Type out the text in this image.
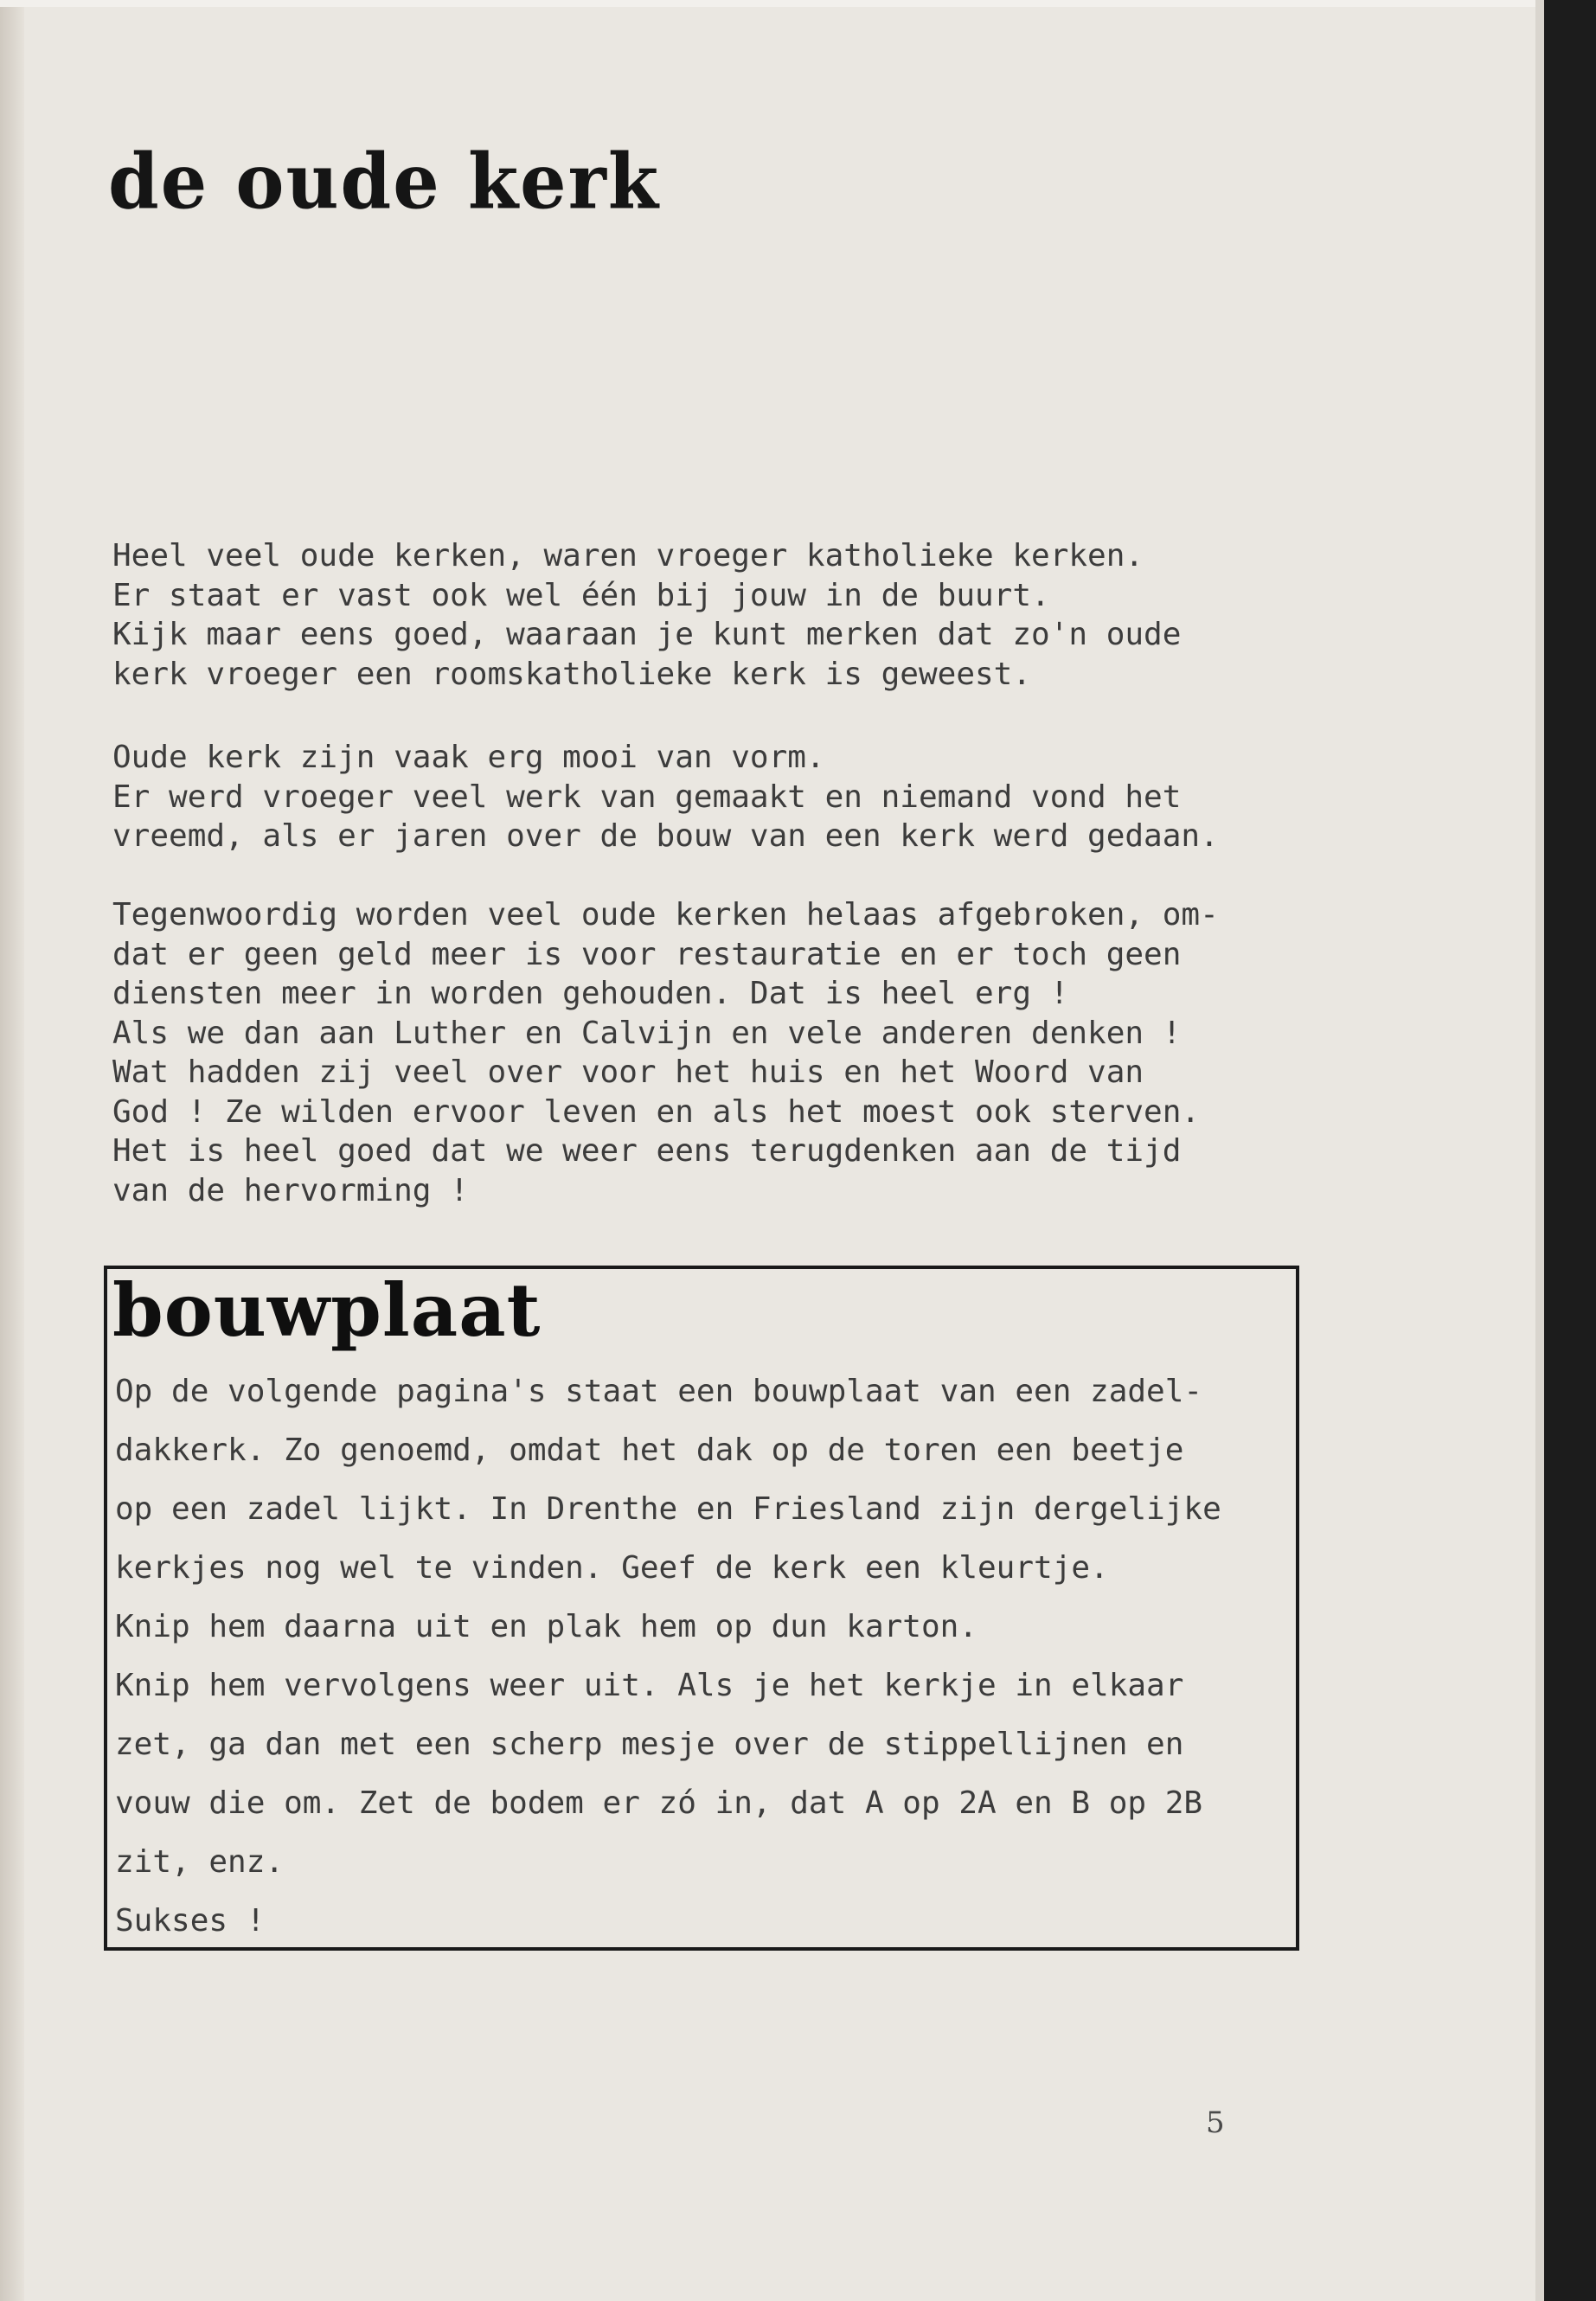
de oude kerk

Heel veel oude kerken, waren vroeger katholieke kerken.
Er staat er vast ook wel één bij jouw in de buurt.
Kijk maar eens goed, waaraan je kunt merken dat zo'n oude
kerk vroeger een roomskatholieke kerk is geweest.

Oude kerk zijn vaak erg mooi van vorm.
Er werd vroeger veel werk van gemaakt en niemand vond het
vreemd, als er jaren over de bouw van een kerk werd gedaan.

Tegenwoordig worden veel oude kerken helaas afgebroken, om-
dat er geen geld meer is voor restauratie en er toch geen
diensten meer in worden gehouden. Dat is heel erg !
Als we dan aan Luther en Calvijn en vele anderen denken !
Wat hadden zij veel over voor het huis en het Woord van
God ! Ze wilden ervoor leven en als het moest ook sterven.
Het is heel goed dat we weer eens terugdenken aan de tijd
van de hervorming !

bouwplaat

Op de volgende pagina's staat een bouwplaat van een zadel-
dakkerk. Zo genoemd, omdat het dak op de toren een beetje
op een zadel lijkt. In Drenthe en Friesland zijn dergelijke
kerkjes nog wel te vinden. Geef de kerk een kleurtje.
Knip hem daarna uit en plak hem op dun karton.
Knip hem vervolgens weer uit. Als je het kerkje in elkaar
zet, ga dan met een scherp mesje over de stippellijnen en
vouw die om. Zet de bodem er zó in, dat A op 2A en B op 2B
zit, enz.
Sukses !

5
